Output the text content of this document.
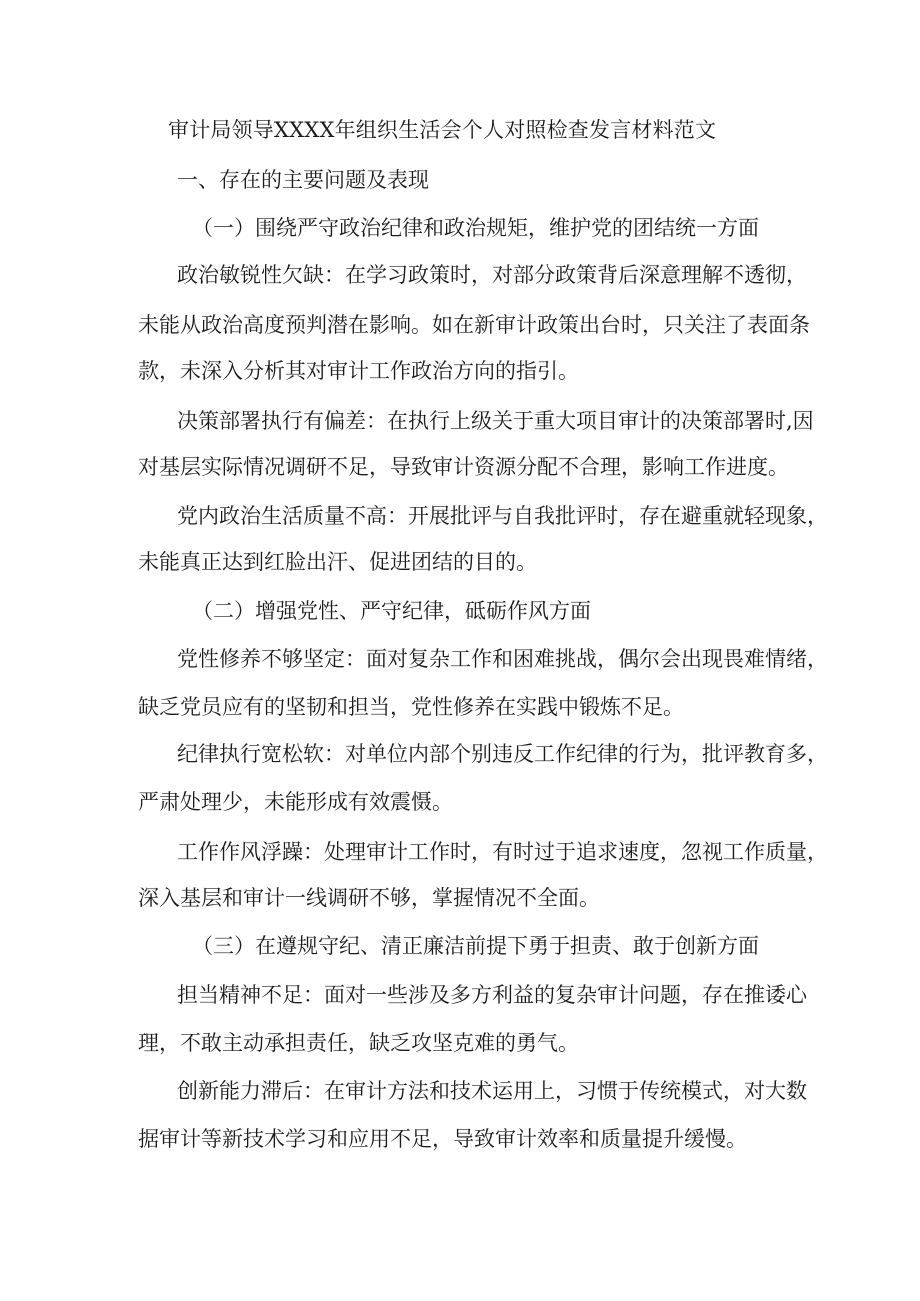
审计局领导XXXX年组织生活会个人对照检查发言材料范文
一、存在的主要问题及表现
（一）围绕严守政治纪律和政治规矩，维护党的团结统一方面
政治敏锐性欠缺：在学习政策时，对部分政策背后深意理解不透彻，
未能从政治高度预判潜在影响。如在新审计政策出台时，只关注了表面条
款，未深入分析其对审计工作政治方向的指引。
决策部署执行有偏差：在执行上级关于重大项目审计的决策部署时,因
对基层实际情况调研不足，导致审计资源分配不合理，影响工作进度。
党内政治生活质量不高：开展批评与自我批评时，存在避重就轻现象，
未能真正达到红脸出汗、促进团结的目的。
（二）增强党性、严守纪律，砥砺作风方面
党性修养不够坚定：面对复杂工作和困难挑战，偶尔会出现畏难情绪，
缺乏党员应有的坚韧和担当，党性修养在实践中锻炼不足。
纪律执行宽松软：对单位内部个别违反工作纪律的行为，批评教育多，
严肃处理少，未能形成有效震慑。
工作作风浮躁：处理审计工作时，有时过于追求速度，忽视工作质量，
深入基层和审计一线调研不够，掌握情况不全面。
（三）在遵规守纪、清正廉洁前提下勇于担责、敢于创新方面
担当精神不足：面对一些涉及多方利益的复杂审计问题，存在推诿心
理，不敢主动承担责任，缺乏攻坚克难的勇气。
创新能力滞后：在审计方法和技术运用上，习惯于传统模式，对大数
据审计等新技术学习和应用不足，导致审计效率和质量提升缓慢。
